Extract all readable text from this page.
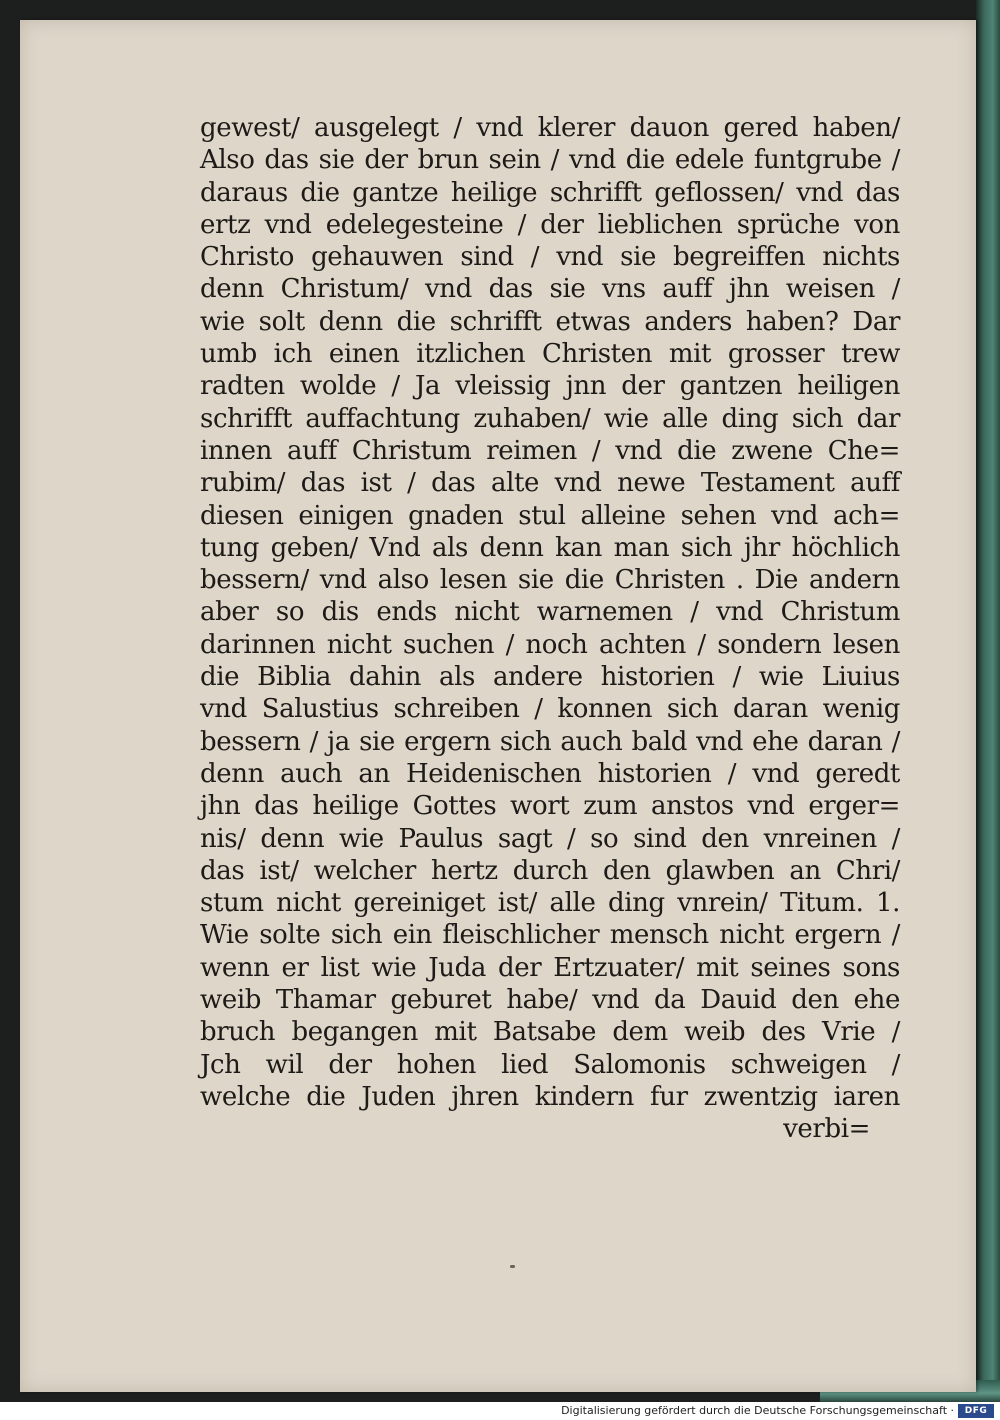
gewest/ ausgelegt / vnd klerer dauon gered haben/
Also das sie der brun sein / vnd die edele funtgrube /
daraus die gantze heilige schrifft geflossen/ vnd das
ertz vnd edelegesteine / der lieblichen sprüche von
Christo gehauwen sind / vnd sie begreiffen nichts
denn Christum/ vnd das sie vns auff jhn weisen /
wie solt denn die schrifft etwas anders haben? Dar
umb ich einen itzlichen Christen mit grosser trew
radten wolde / Ja vleissig jnn der gantzen heiligen
schrifft auffachtung zuhaben/ wie alle ding sich dar
innen auff Christum reimen / vnd die zwene Che=
rubim/ das ist / das alte vnd newe Testament auff
diesen einigen gnaden stul alleine sehen vnd ach=
tung geben/ Vnd als denn kan man sich jhr höchlich
bessern/ vnd also lesen sie die Christen . Die andern
aber so dis ends nicht warnemen / vnd Christum
darinnen nicht suchen / noch achten / sondern lesen
die Biblia dahin als andere historien / wie Liuius
vnd Salustius schreiben / konnen sich daran wenig
bessern / ja sie ergern sich auch bald vnd ehe daran /
denn auch an Heidenischen historien / vnd geredt
jhn das heilige Gottes wort zum anstos vnd erger=
nis/ denn wie Paulus sagt / so sind den vnreinen /
das ist/ welcher hertz durch den glawben an Chri/
stum nicht gereiniget ist/ alle ding vnrein/ Titum. 1.
Wie solte sich ein fleischlicher mensch nicht ergern /
wenn er list wie Juda der Ertzuater/ mit seines sons
weib Thamar geburet habe/ vnd da Dauid den ehe
bruch begangen mit Batsabe dem weib des Vrie /
Jch wil der hohen lied Salomonis schweigen /
welche die Juden jhren kindern fur zwentzig iaren
verbi=
Digitalisierung gefördert durch die Deutsche Forschungsgemeinschaft ·	DFG
